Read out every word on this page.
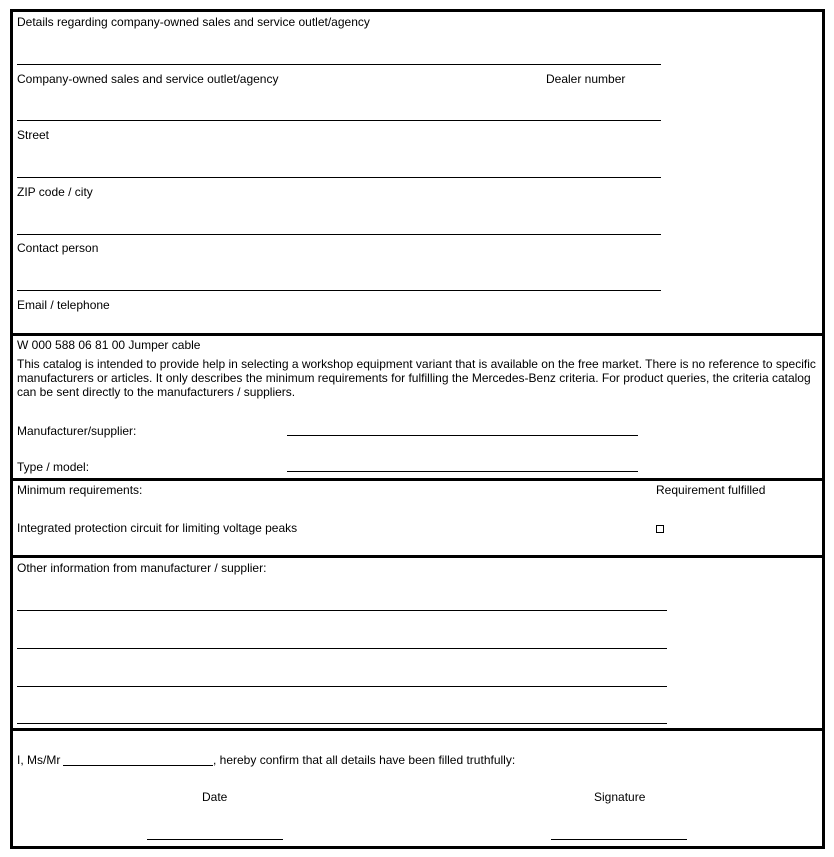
Details regarding company-owned sales and service outlet/agency
Company-owned sales and service outlet/agency	Dealer number
Street
ZIP code / city
Contact person
Email / telephone
W 000 588 06 81 00 Jumper cable
This catalog is intended to provide help in selecting a workshop equipment variant that is available on the free market. There is no reference to specific manufacturers or articles. It only describes the minimum requirements for fulfilling the Mercedes-Benz criteria. For product queries, the criteria catalog can be sent directly to the manufacturers / suppliers.
Manufacturer/supplier:
Type / model:
Minimum requirements:	Requirement fulfilled
Integrated protection circuit for limiting voltage peaks
Other information from manufacturer / supplier:
I, Ms/Mr	, hereby confirm that all details have been filled truthfully:
Date	Signature
